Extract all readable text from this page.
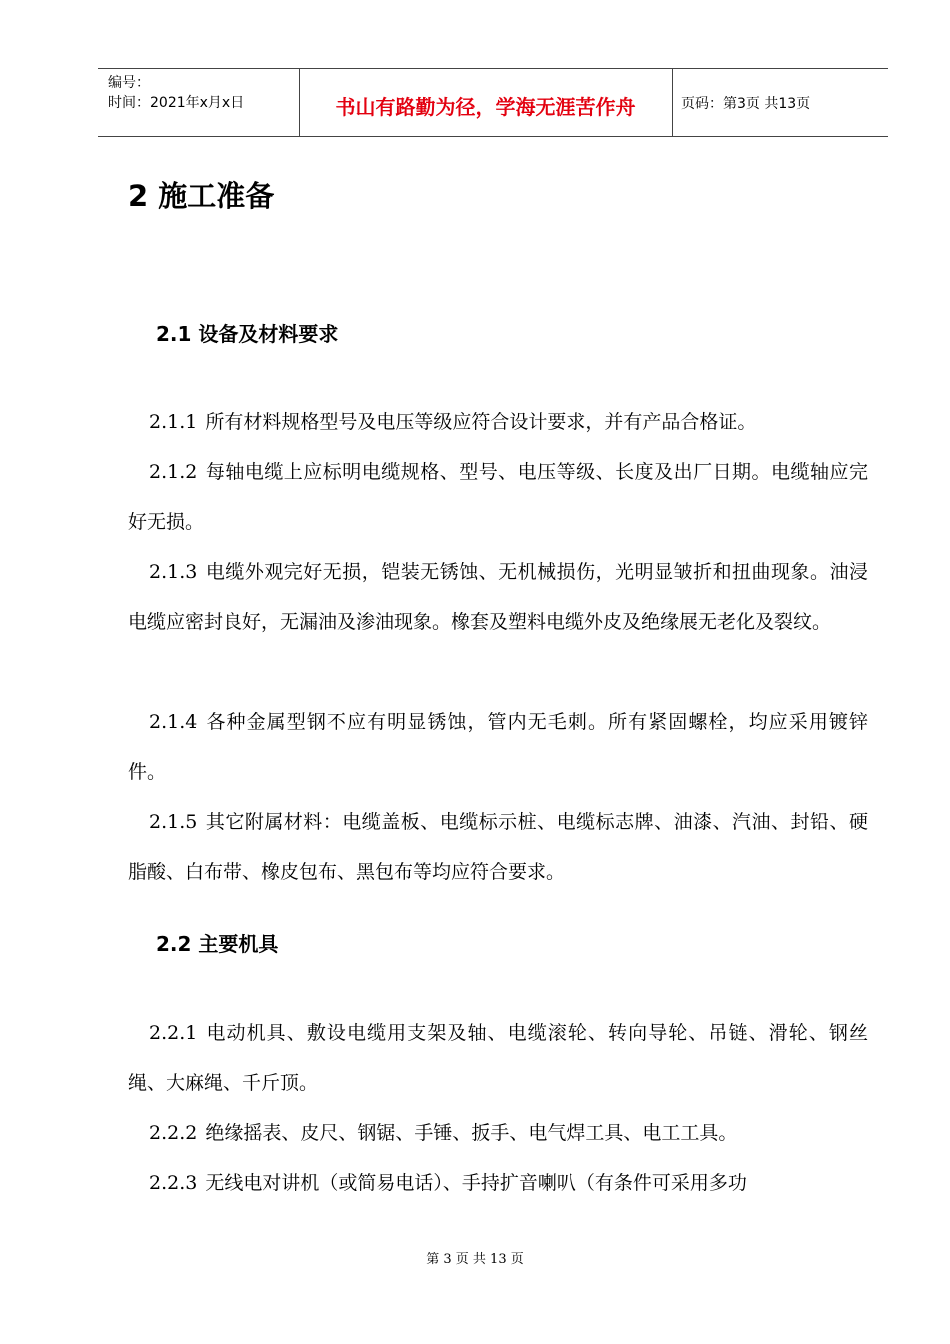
编号：
时间：2021年x月x日	书山有路勤为径，学海无涯苦作舟	页码：第3页 共13页
2 施工准备
2.1 设备及材料要求

2.1.1 所有材料规格型号及电压等级应符合设计要求，并有产品合格证。

2.1.2 每轴电缆上应标明电缆规格、型号、电压等级、长度及出厂日期。电缆轴应完好无损。

2.1.3 电缆外观完好无损，铠装无锈蚀、无机械损伤，光明显皱折和扭曲现象。油浸电缆应密封良好，无漏油及渗油现象。橡套及塑料电缆外皮及绝缘展无老化及裂纹。

2.1.4 各种金属型钢不应有明显锈蚀，管内无毛刺。所有紧固螺栓，均应采用镀锌件。

2.1.5 其它附属材料：电缆盖板、电缆标示桩、电缆标志牌、油漆、汽油、封铅、硬脂酸、白布带、橡皮包布、黑包布等均应符合要求。

2.2 主要机具

2.2.1 电动机具、敷设电缆用支架及轴、电缆滚轮、转向导轮、吊链、滑轮、钢丝绳、大麻绳、千斤顶。

2.2.2 绝缘摇表、皮尺、钢锯、手锤、扳手、电气焊工具、电工工具。

2.2.3 无线电对讲机（或简易电话）、手持扩音喇叭（有条件可采用多功

第 3 页 共 13 页
